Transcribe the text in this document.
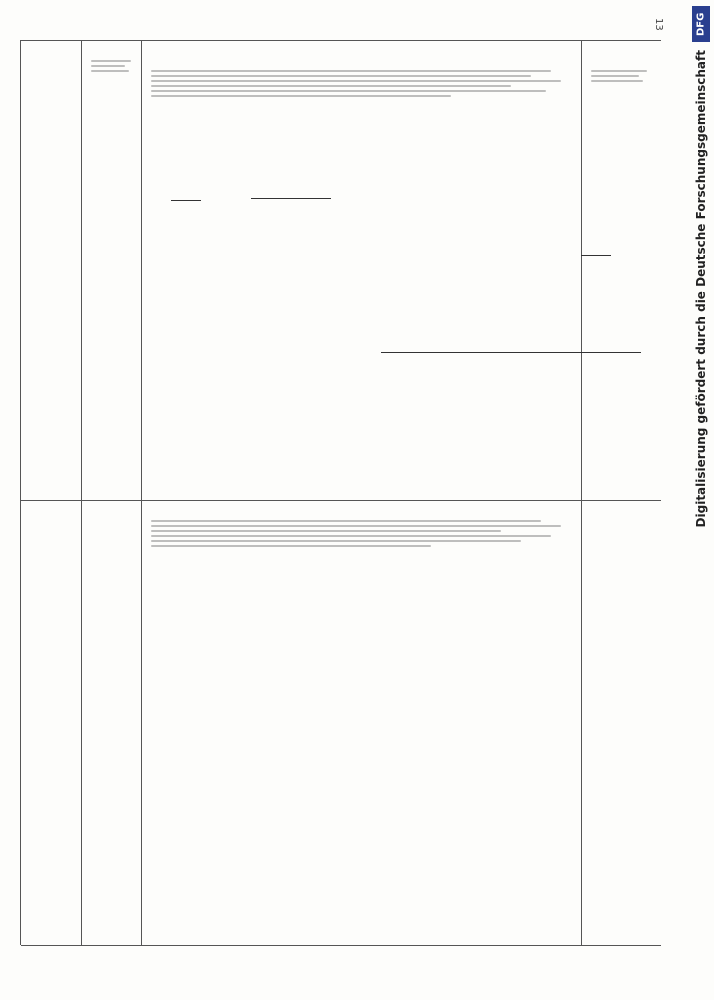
13	DFG
Digitalisierung gefördert durch die Deutsche Forschungsgemeinschaft
